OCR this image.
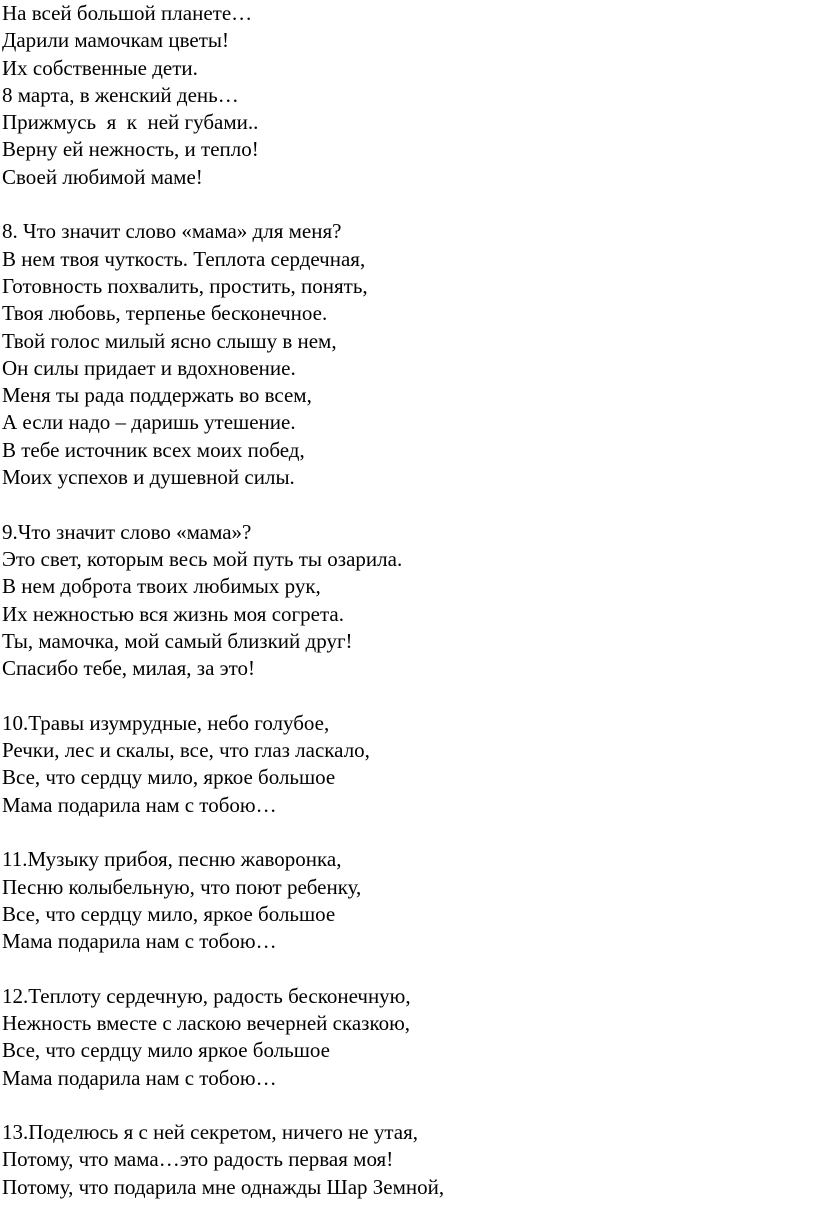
На всей большой планете…
Дарили мамочкам цветы!
Их собственные дети.
8 марта, в женский день…
Прижмусь  я  к  ней губами..
Верну ей нежность, и тепло!
Своей любимой маме!
8. Что значит слово «мама» для меня?
В нем твоя чуткость. Теплота сердечная,
Готовность похвалить, простить, понять,
Твоя любовь, терпенье бесконечное.
Твой голос милый ясно слышу в нем,
Он силы придает и вдохновение.
Меня ты рада поддержать во всем,
А если надо – даришь утешение.
В тебе источник всех моих побед,
Моих успехов и душевной силы.
9.Что значит слово «мама»?
Это свет, которым весь мой путь ты озарила.
В нем доброта твоих любимых рук,
Их нежностью вся жизнь моя согрета.
Ты, мамочка, мой самый близкий друг!
Спасибо тебе, милая, за это!
10.Травы изумрудные, небо голубое,
Речки, лес и скалы, все, что глаз ласкало,
Все, что сердцу мило, яркое большое
Мама подарила нам с тобою…
11.Музыку прибоя, песню жаворонка,
Песню колыбельную, что поют ребенку,
Все, что сердцу мило, яркое большое
Мама подарила нам с тобою…
12.Теплоту сердечную, радость бесконечную,
Нежность вместе с ласкою вечерней сказкою,
Все, что сердцу мило яркое большое
Мама подарила нам с тобою…
13.Поделюсь я с ней секретом, ничего не утая,
Потому, что мама…это радость первая моя!
Потому, что подарила мне однажды Шар Земной,
